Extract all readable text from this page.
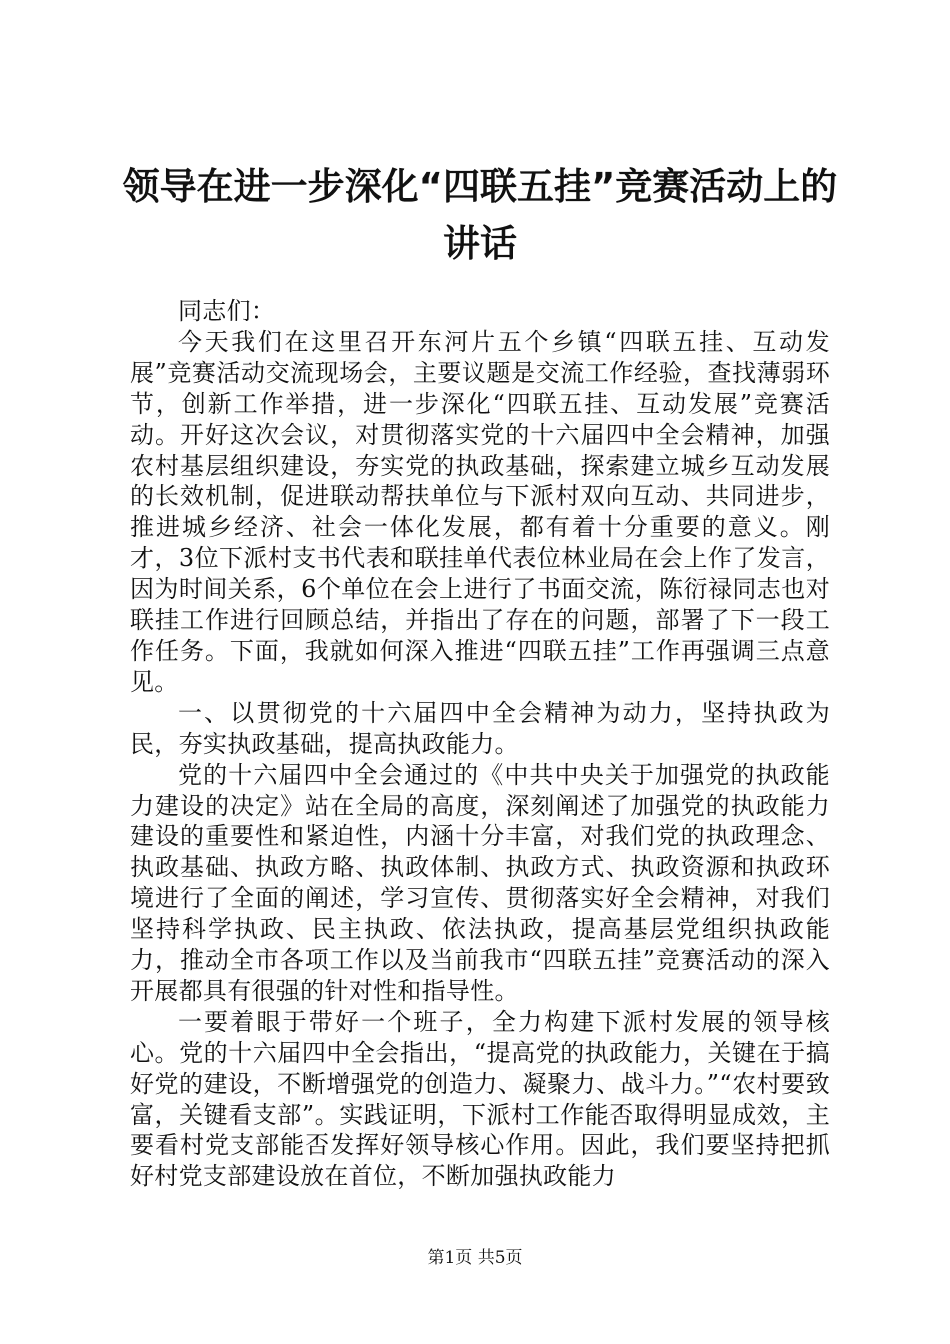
领导在进一步深化“四联五挂”竞赛活动上的讲话

同志们：

今天我们在这里召开东河片五个乡镇“四联五挂、互动发展”竞赛活动交流现场会，主要议题是交流工作经验，查找薄弱环节，创新工作举措，进一步深化“四联五挂、互动发展”竞赛活动。开好这次会议，对贯彻落实党的十六届四中全会精神，加强农村基层组织建设，夯实党的执政基础，探索建立城乡互动发展的长效机制，促进联动帮扶单位与下派村双向互动、共同进步，推进城乡经济、社会一体化发展，都有着十分重要的意义。刚才，3位下派村支书代表和联挂单代表位林业局在会上作了发言，因为时间关系，6个单位在会上进行了书面交流，陈衍禄同志也对联挂工作进行回顾总结，并指出了存在的问题，部署了下一段工作任务。下面，我就如何深入推进“四联五挂”工作再强调三点意见。

一、以贯彻党的十六届四中全会精神为动力，坚持执政为民，夯实执政基础，提高执政能力。

党的十六届四中全会通过的《中共中央关于加强党的执政能力建设的决定》站在全局的高度，深刻阐述了加强党的执政能力建设的重要性和紧迫性，内涵十分丰富，对我们党的执政理念、执政基础、执政方略、执政体制、执政方式、执政资源和执政环境进行了全面的阐述，学习宣传、贯彻落实好全会精神，对我们坚持科学执政、民主执政、依法执政，提高基层党组织执政能力，推动全市各项工作以及当前我市“四联五挂”竞赛活动的深入开展都具有很强的针对性和指导性。

一要着眼于带好一个班子，全力构建下派村发展的领导核心。党的十六届四中全会指出，“提高党的执政能力，关键在于搞好党的建设，不断增强党的创造力、凝聚力、战斗力。”“农村要致富，关键看支部”。实践证明，下派村工作能否取得明显成效，主要看村党支部能否发挥好领导核心作用。因此，我们要坚持把抓好村党支部建设放在首位，不断加强执政能力

第1页 共5页
